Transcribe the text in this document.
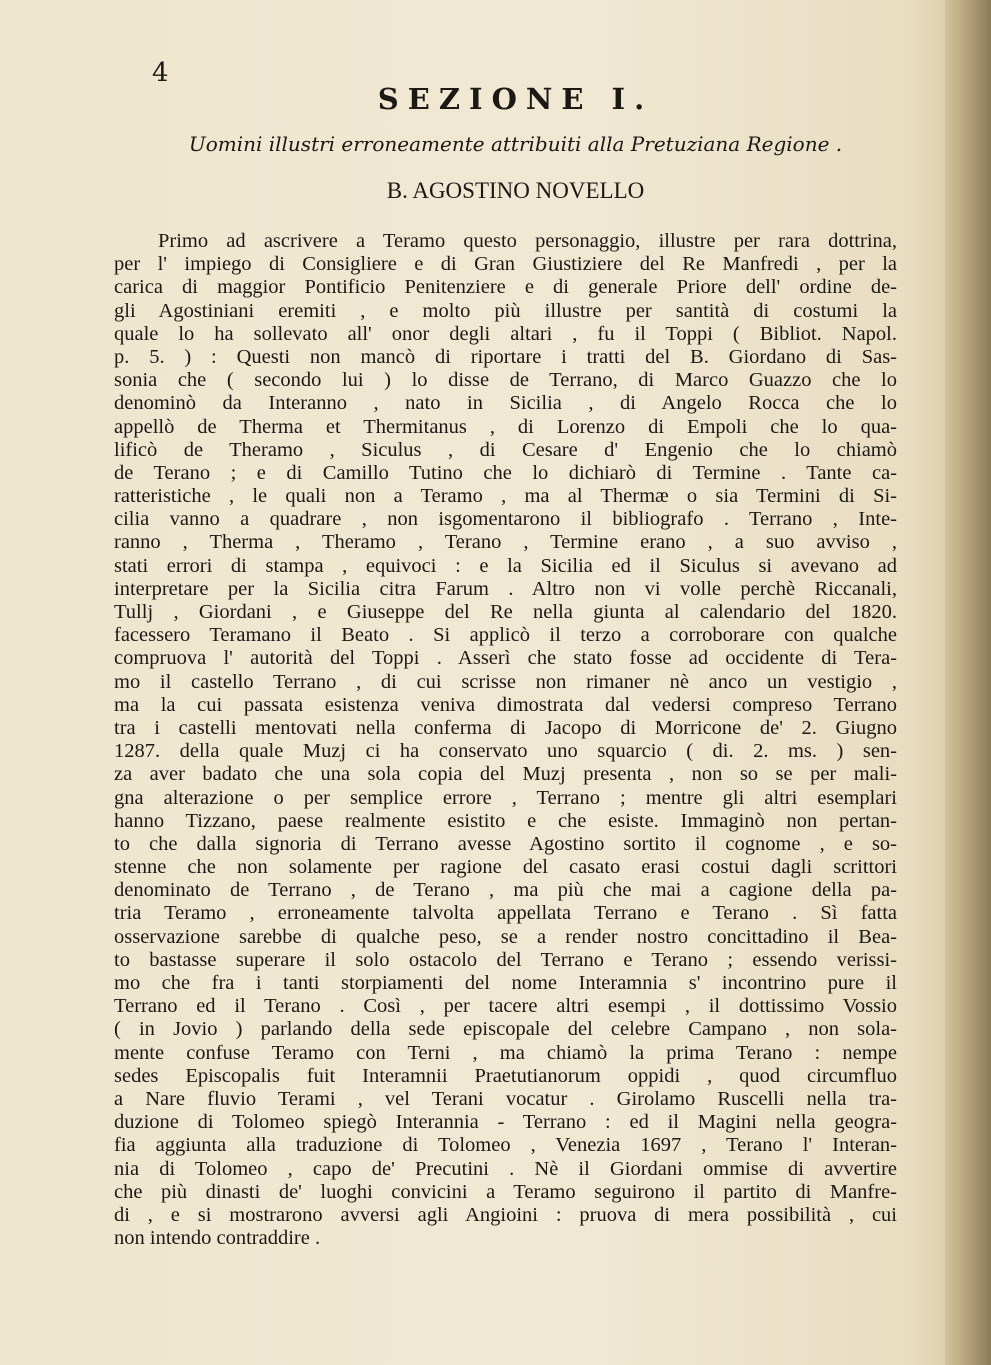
4
SEZIONE I.
Uomini illustri erroneamente attribuiti alla Pretuziana Regione .
B. AGOSTINO NOVELLO
Primo ad ascrivere a Teramo questo personaggio, illustre per rara dottrina,
per l' impiego di Consigliere e di Gran Giustiziere del Re Manfredi , per la
carica di maggior Pontificio Penitenziere e di generale Priore dell' ordine de-
gli Agostiniani eremiti , e molto più illustre per santità di costumi la
quale lo ha sollevato all' onor degli altari , fu il Toppi ( Bibliot. Napol.
p. 5. ) : Questi non mancò di riportare i tratti del B. Giordano di Sas-
sonia che ( secondo lui ) lo disse de Terrano, di Marco Guazzo che lo
denominò da Interanno , nato in Sicilia , di Angelo Rocca che lo
appellò de Therma et Thermitanus , di Lorenzo di Empoli che lo qua-
lificò de Theramo , Siculus , di Cesare d' Engenio che lo chiamò
de Terano ; e di Camillo Tutino che lo dichiarò di Termine . Tante ca-
ratteristiche , le quali non a Teramo , ma al Thermæ o sia Termini di Si-
cilia vanno a quadrare , non isgomentarono il bibliografo . Terrano , Inte-
ranno , Therma , Theramo , Terano , Termine erano , a suo avviso ,
stati errori di stampa , equivoci : e la Sicilia ed il Siculus si avevano ad
interpretare per la Sicilia citra Farum . Altro non vi volle perchè Riccanali,
Tullj , Giordani , e Giuseppe del Re nella giunta al calendario del 1820.
facessero Teramano il Beato . Si applicò il terzo a corroborare con qualche
compruova l' autorità del Toppi . Asserì che stato fosse ad occidente di Tera-
mo il castello Terrano , di cui scrisse non rimaner nè anco un vestigio ,
ma la cui passata esistenza veniva dimostrata dal vedersi compreso Terrano
tra i castelli mentovati nella conferma di Jacopo di Morricone de' 2. Giugno
1287. della quale Muzj ci ha conservato uno squarcio ( di. 2. ms. ) sen-
za aver badato che una sola copia del Muzj presenta , non so se per mali-
gna alterazione o per semplice errore , Terrano ; mentre gli altri esemplari
hanno Tizzano, paese realmente esistito e che esiste. Immaginò non pertan-
to che dalla signoria di Terrano avesse Agostino sortito il cognome , e so-
stenne che non solamente per ragione del casato erasi costui dagli scrittori
denominato de Terrano , de Terano , ma più che mai a cagione della pa-
tria Teramo , erroneamente talvolta appellata Terrano e Terano . Sì fatta
osservazione sarebbe di qualche peso, se a render nostro concittadino il Bea-
to bastasse superare il solo ostacolo del Terrano e Terano ; essendo verissi-
mo che fra i tanti storpiamenti del nome Interamnia s' incontrino pure il
Terrano ed il Terano . Così , per tacere altri esempi , il dottissimo Vossio
( in Jovio ) parlando della sede episcopale del celebre Campano , non sola-
mente confuse Teramo con Terni , ma chiamò la prima Terano : nempe
sedes Episcopalis fuit Interamnii Praetutianorum oppidi , quod circumfluo
a Nare fluvio Terami , vel Terani vocatur . Girolamo Ruscelli nella tra-
duzione di Tolomeo spiegò Interannia - Terrano : ed il Magini nella geogra-
fia aggiunta alla traduzione di Tolomeo , Venezia 1697 , Terano l' Interan-
nia di Tolomeo , capo de' Precutini . Nè il Giordani ommise di avvertire
che più dinasti de' luoghi convicini a Teramo seguirono il partito di Manfre-
di , e si mostrarono avversi agli Angioini : pruova di mera possibilità , cui
non intendo contraddire .
